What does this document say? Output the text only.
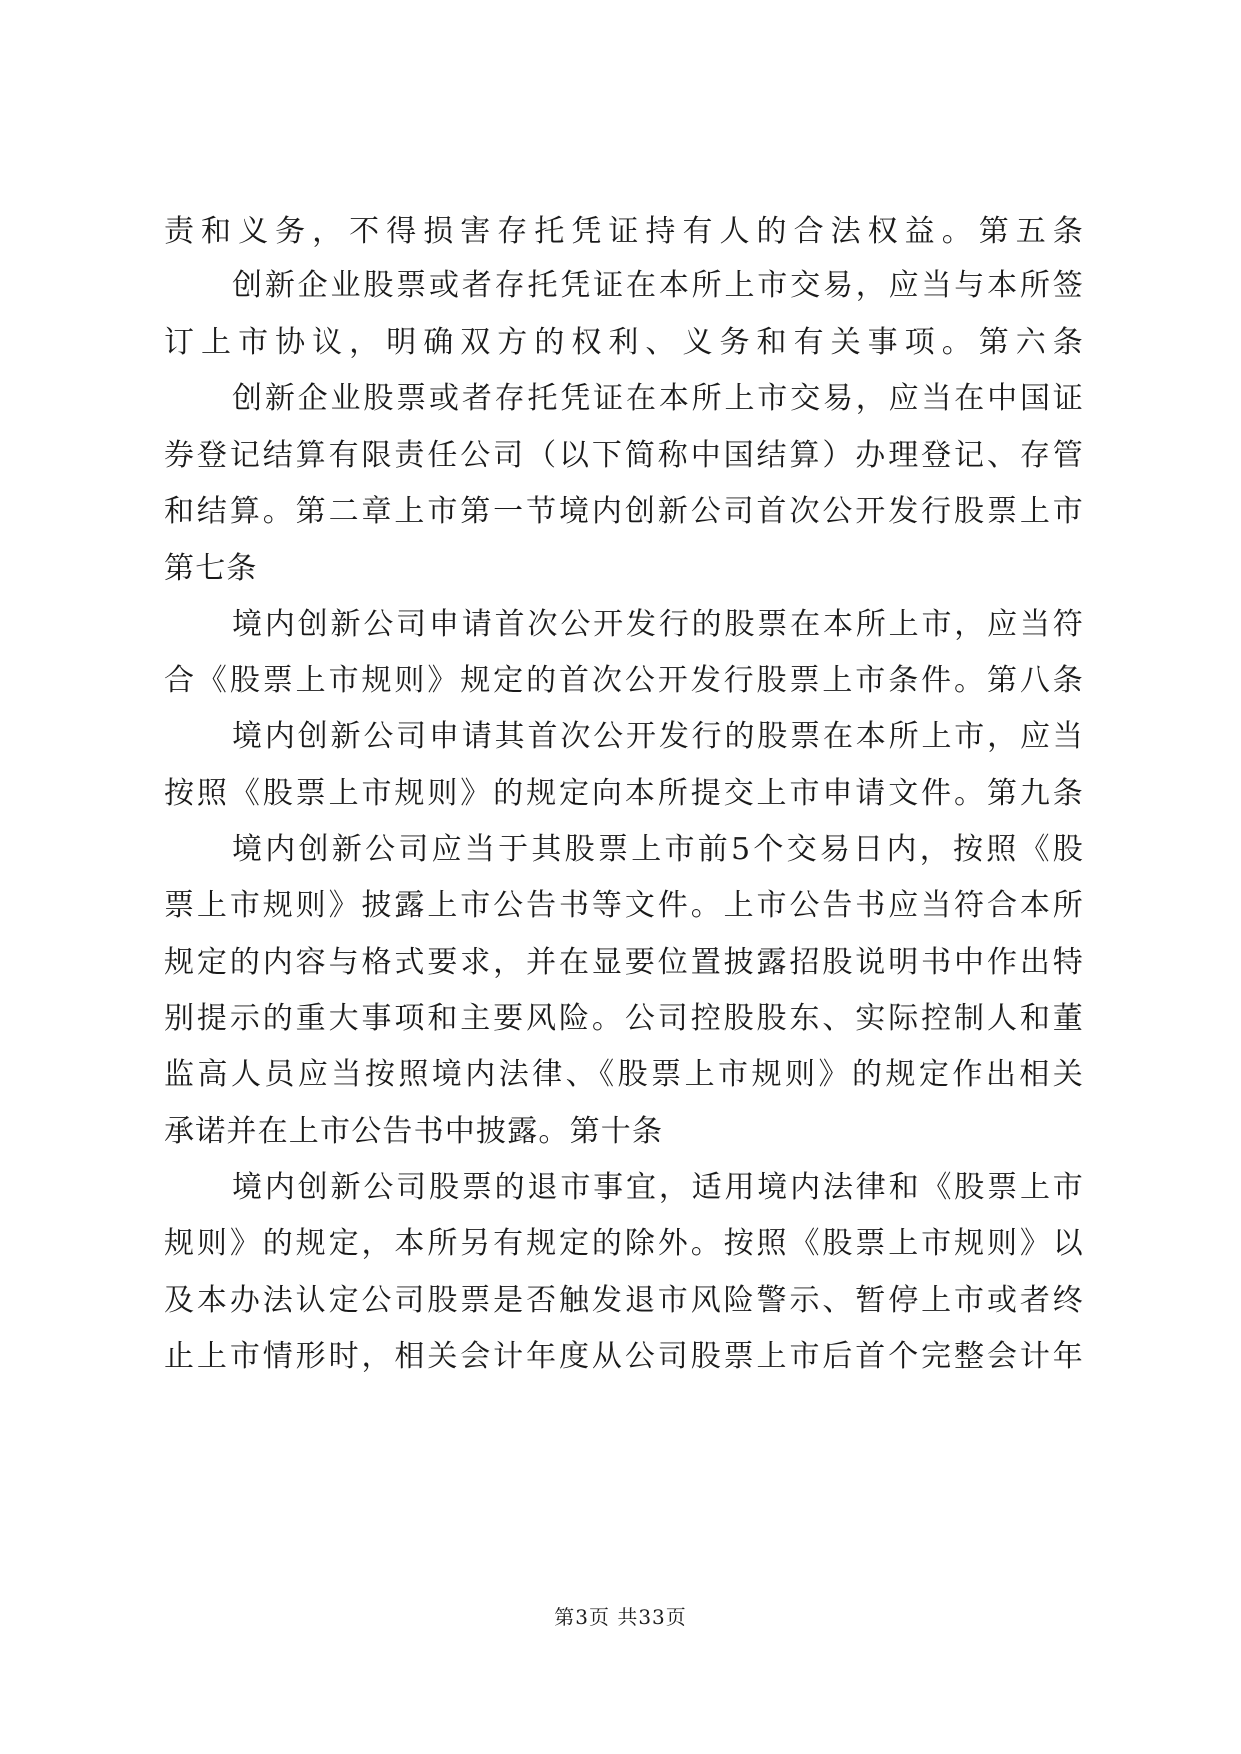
责和义务，不得损害存托凭证持有人的合法权益。第五条
创新企业股票或者存托凭证在本所上市交易，应当与本所签
订上市协议，明确双方的权利、义务和有关事项。第六条
创新企业股票或者存托凭证在本所上市交易，应当在中国证
券登记结算有限责任公司（以下简称中国结算）办理登记、存管
和结算。第二章上市第一节境内创新公司首次公开发行股票上市
第七条
境内创新公司申请首次公开发行的股票在本所上市，应当符
合《股票上市规则》规定的首次公开发行股票上市条件。第八条
境内创新公司申请其首次公开发行的股票在本所上市，应当
按照《股票上市规则》的规定向本所提交上市申请文件。第九条
境内创新公司应当于其股票上市前5个交易日内，按照《股
票上市规则》披露上市公告书等文件。上市公告书应当符合本所
规定的内容与格式要求，并在显要位置披露招股说明书中作出特
别提示的重大事项和主要风险。公司控股股东、实际控制人和董
监高人员应当按照境内法律、《股票上市规则》的规定作出相关
承诺并在上市公告书中披露。第十条
境内创新公司股票的退市事宜，适用境内法律和《股票上市
规则》的规定，本所另有规定的除外。按照《股票上市规则》以
及本办法认定公司股票是否触发退市风险警示、暂停上市或者终
止上市情形时，相关会计年度从公司股票上市后首个完整会计年
第3页 共33页
